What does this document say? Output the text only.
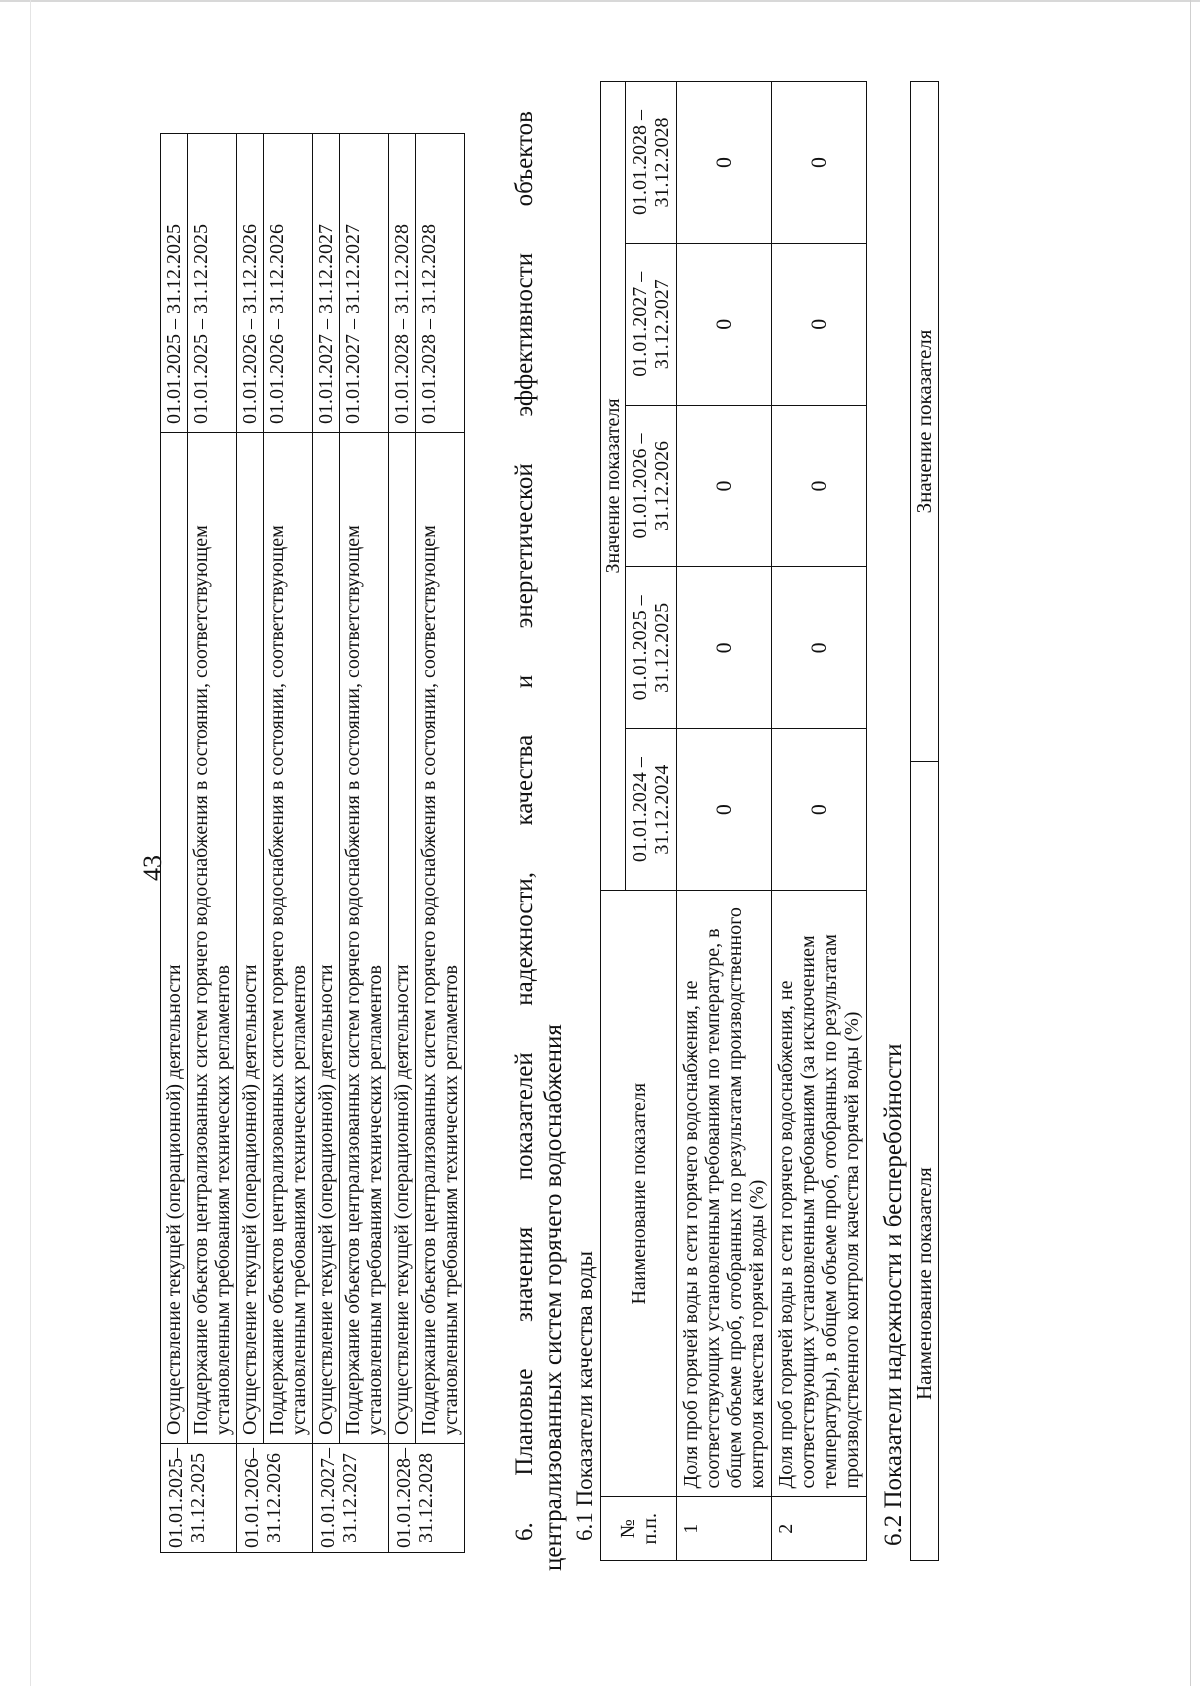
43
01.01.2025–
31.12.2025	Осуществление текущей (операционной) деятельности	01.01.2025 – 31.12.2025
	Поддержание объектов централизованных систем горячего водоснабжения в состоянии, соответствующем установленным требованиям технических регламентов	01.01.2025 – 31.12.2025
01.01.2026–
31.12.2026	Осуществление текущей (операционной) деятельности	01.01.2026 – 31.12.2026
	Поддержание объектов централизованных систем горячего водоснабжения в состоянии, соответствующем установленным требованиям технических регламентов	01.01.2026 – 31.12.2026
01.01.2027–
31.12.2027	Осуществление текущей (операционной) деятельности	01.01.2027 – 31.12.2027
	Поддержание объектов централизованных систем горячего водоснабжения в состоянии, соответствующем установленным требованиям технических регламентов	01.01.2027 – 31.12.2027
01.01.2028–
31.12.2028	Осуществление текущей (операционной) деятельности	01.01.2028 – 31.12.2028
	Поддержание объектов централизованных систем горячего водоснабжения в состоянии, соответствующем установленным требованиям технических регламентов	01.01.2028 – 31.12.2028
6.
Плановые
значения
показателей
надежности,
качества
и
энергетической
эффективности
объектов
централизованных систем горячего водоснабжения 6.1 Показатели качества воды №
п.п.	Наименование показателя	Значение показателя				
		01.01.2024 –
31.12.2024	01.01.2025 –
31.12.2025	01.01.2026 –
31.12.2026	01.01.2027 –
31.12.2027	01.01.2028 –
31.12.2028
1	Доля проб горячей воды в сети горячего водоснабжения, не соответствующих установленным требованиям по температуре, в общем объеме проб, отобранных по результатам производственного контроля качества горячей воды (%)	0	0	0	0	0
2	Доля проб горячей воды в сети горячего водоснабжения, не соответствующих установленным требованиям (за исключением температуры), в общем объеме проб, отобранных по результатам производственного контроля качества горячей воды (%)	0	0	0	0	0
6.2 Показатели надежности и бесперебойности Наименование показателя	Значение показателя
